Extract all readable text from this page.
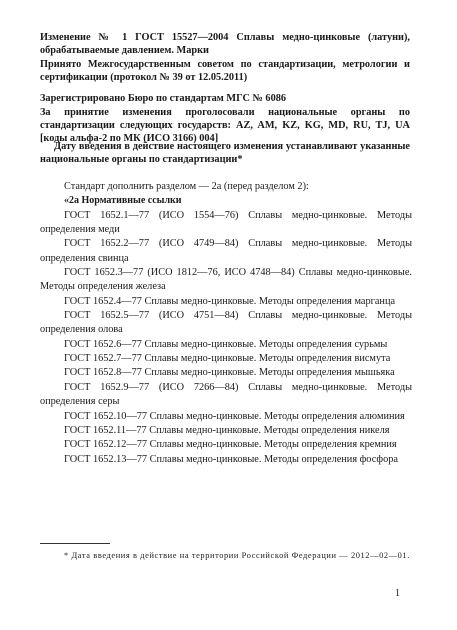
Изменение № 1 ГОСТ 15527—2004 Сплавы медно-цинковые (латуни), обрабатываемые давлением. Марки
Принято Межгосударственным советом по стандартизации, метрологии и сертификации (протокол № 39 от 12.05.2011)
Зарегистрировано Бюро по стандартам МГС № 6086
За принятие изменения проголосовали национальные органы по стандартизации следующих государств: AZ, AM, KZ, KG, MD, RU, TJ, UA [коды альфа-2 по МК (ИСО 3166) 004]
Дату введения в действие настоящего изменения устанавливают указанные национальные органы по стандартизации*

Стандарт дополнить разделом — 2а (перед разделом 2):

«2а Нормативные ссылки

ГОСТ 1652.1—77 (ИСО 1554—76) Сплавы медно-цинковые. Методы определения меди

ГОСТ 1652.2—77 (ИСО 4749—84) Сплавы медно-цинковые. Методы определения свинца

ГОСТ 1652.3—77 (ИСО 1812—76, ИСО 4748—84) Сплавы медно-цинковые. Методы определения железа

ГОСТ 1652.4—77 Сплавы медно-цинковые. Методы определения марганца

ГОСТ 1652.5—77 (ИСО 4751—84) Сплавы медно-цинковые. Методы определения олова

ГОСТ 1652.6—77 Сплавы медно-цинковые. Методы определения сурьмы

ГОСТ 1652.7—77 Сплавы медно-цинковые. Методы определения висмута

ГОСТ 1652.8—77 Сплавы медно-цинковые. Методы определения мышьяка

ГОСТ 1652.9—77 (ИСО 7266—84) Сплавы медно-цинковые. Методы определения серы

ГОСТ 1652.10—77 Сплавы медно-цинковые. Методы определения алюминия

ГОСТ 1652.11—77 Сплавы медно-цинковые. Методы определения никеля

ГОСТ 1652.12—77 Сплавы медно-цинковые. Методы определения кремния

ГОСТ 1652.13—77 Сплавы медно-цинковые. Методы определения фосфора

* Дата введения в действие на территории Российской Федерации — 2012—02—01.
1
